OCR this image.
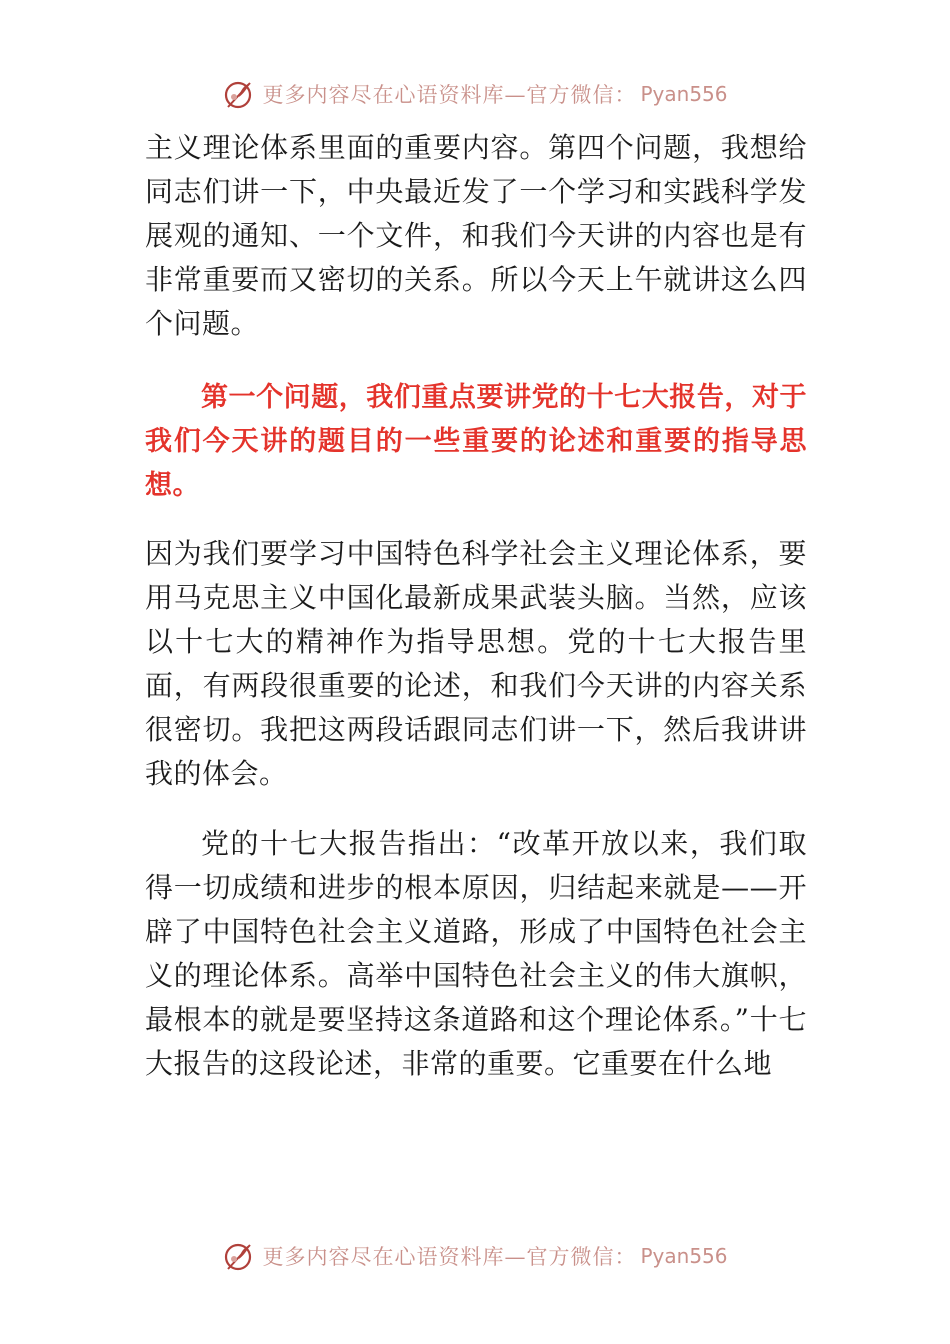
更多内容尽在心语资料库—官方微信： Pyan556

主义理论体系里面的重要内容。第四个问题，我想给同志们讲一下，中央最近发了一个学习和实践科学发展观的通知、一个文件，和我们今天讲的内容也是有非常重要而又密切的关系。所以今天上午就讲这么四个问题。

第一个问题，我们重点要讲党的十七大报告，对于我们今天讲的题目的一些重要的论述和重要的指导思想。

因为我们要学习中国特色科学社会主义理论体系，要用马克思主义中国化最新成果武装头脑。当然，应该以十七大的精神作为指导思想。党的十七大报告里面，有两段很重要的论述，和我们今天讲的内容关系很密切。我把这两段话跟同志们讲一下，然后我讲讲我的体会。

党的十七大报告指出：“改革开放以来，我们取得一切成绩和进步的根本原因，归结起来就是——开辟了中国特色社会主义道路，形成了中国特色社会主义的理论体系。高举中国特色社会主义的伟大旗帜，最根本的就是要坚持这条道路和这个理论体系。”十七大报告的这段论述，非常的重要。它重要在什么地

更多内容尽在心语资料库—官方微信： Pyan556
